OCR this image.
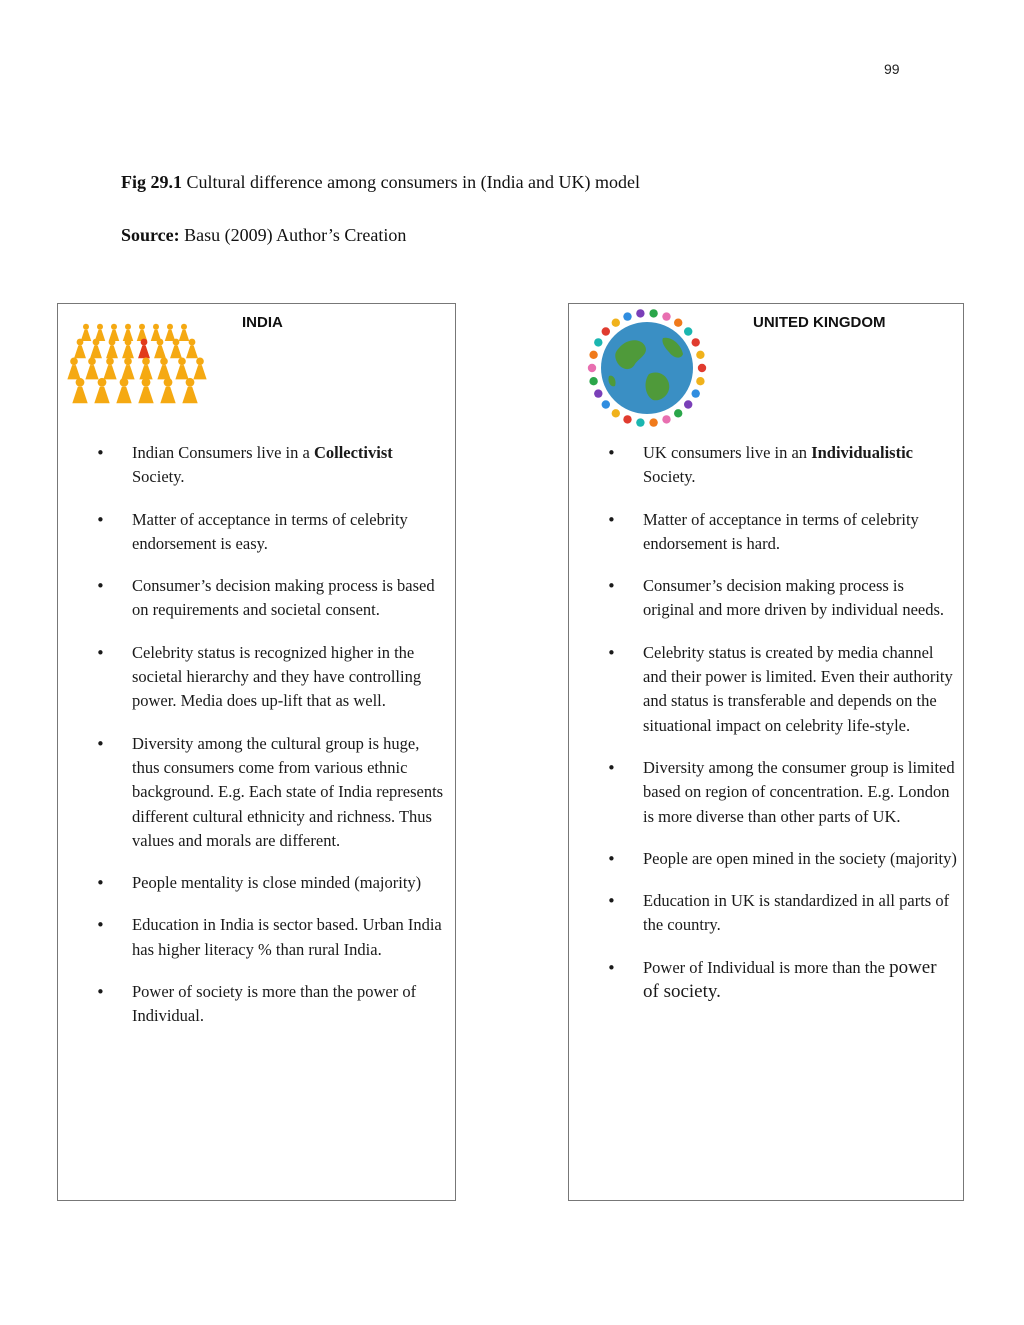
99
Fig 29.1 Cultural difference among consumers in (India and UK) model
Source: Basu (2009) Author’s Creation
INDIA
• Indian Consumers live in a Collectivist Society.
• Matter of acceptance in terms of celebrity endorsement is easy.
• Consumer’s decision making process is based on requirements and societal consent.
• Celebrity status is recognized higher in the societal hierarchy and they have controlling power. Media does up-lift that as well.
• Diversity among the cultural group is huge, thus consumers come from various ethnic background. E.g. Each state of India represents different cultural ethnicity and richness. Thus values and morals are different.
• People mentality is close minded (majority)
• Education in India is sector based. Urban India has higher literacy % than rural India.
• Power of society is more than the power of Individual.
UNITED KINGDOM
• UK consumers live in an Individualistic Society.
• Matter of acceptance in terms of celebrity endorsement is hard.
• Consumer’s decision making process is original and more driven by individual needs.
• Celebrity status is created by media channel and their power is limited. Even their authority and status is transferable and depends on the situational impact on celebrity life-style.
• Diversity among the consumer group is limited based on region of concentration. E.g. London is more diverse than other parts of UK.
• People are open mined in the society (majority)
• Education in UK is standardized in all parts of the country.
• Power of Individual is more than the power of society.
